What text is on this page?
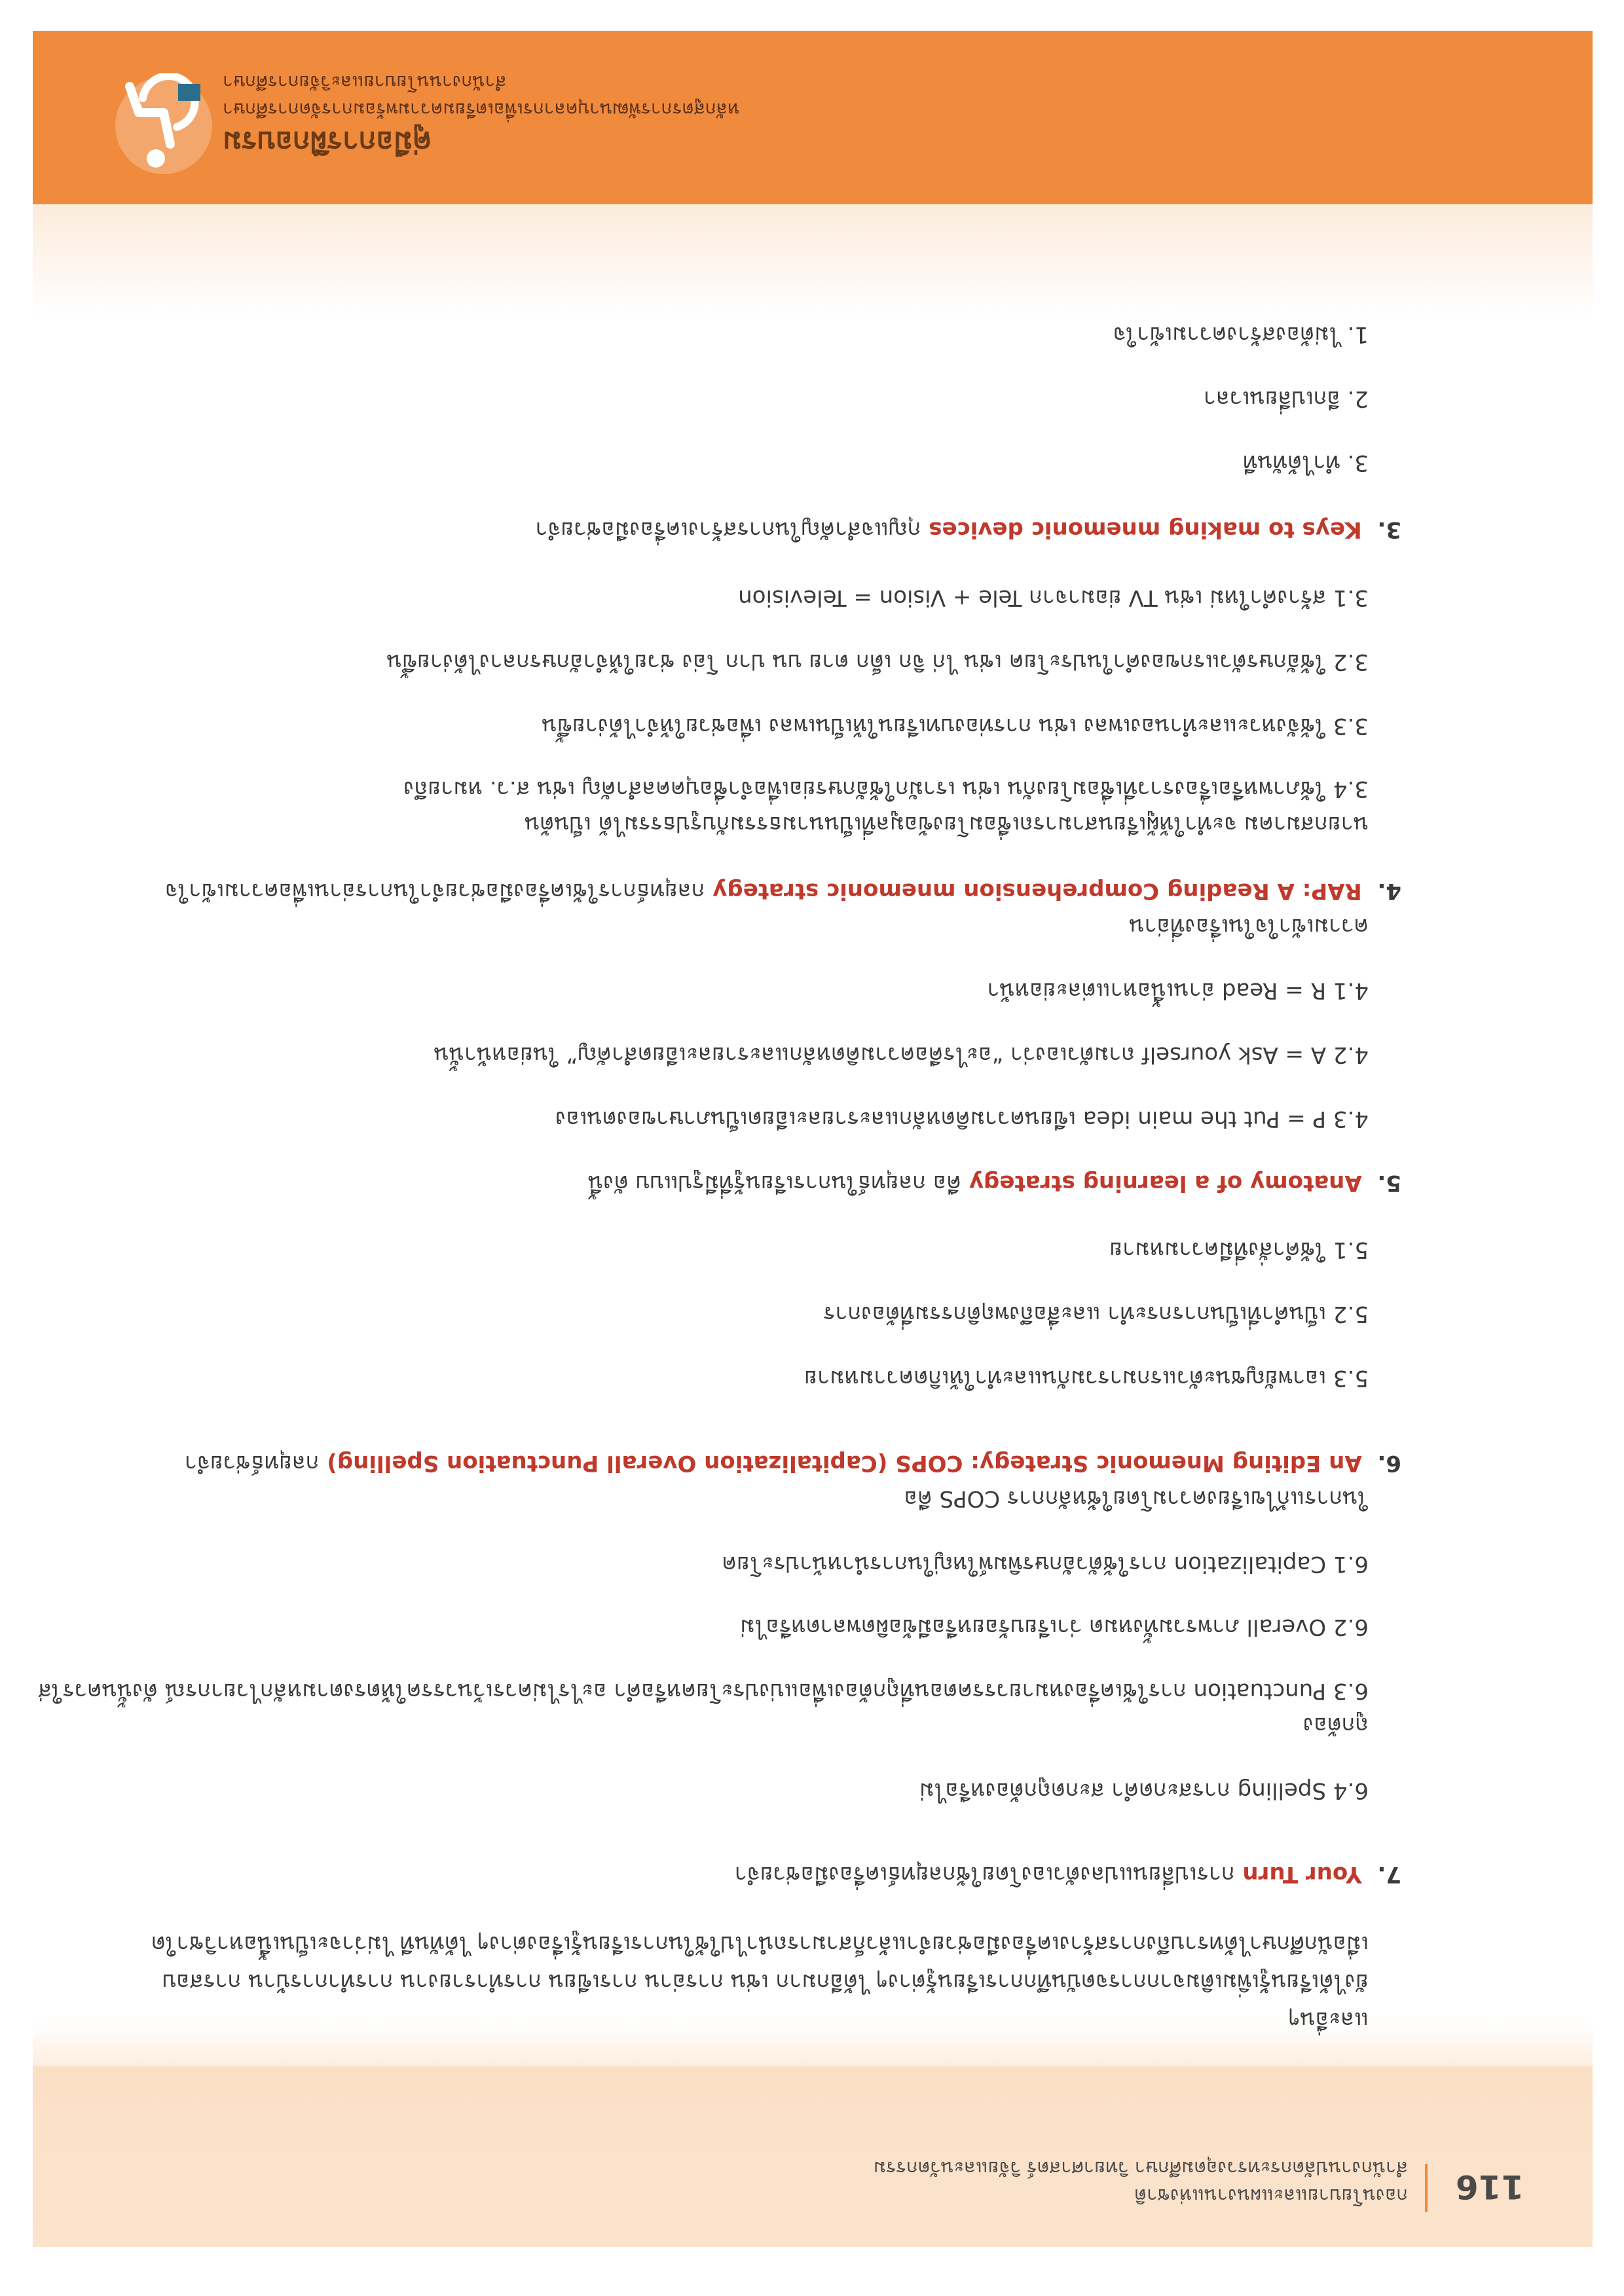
116
กองนโยบายและแผนงานแห่งชาติ
สำนักงานปลัดกระทรวงอุดมศึกษา วิทยาศาสตร์ วิจัยและนวัตกรรม
และอื่นๆ
ยังได้เรียนรู้เพิ่มเติมจากการจดบันทึกการเรียนรู้ต่างๆ ได้อีกมาก เช่น การอ่าน การเขียน การทำรายงาน การทำการบ้าน การสอบ
เมื่อนักศึกษาได้ทราบถึงการสร้างเครื่องมือช่วยจำแล้วก็สามารถนำไปใช้ในการเรียนรู้เรื่องต่างๆ ได้ทันที ไม่ว่าจะเป็นเนื้อหาวิชาใด
7.  Your Turn การเปลี่ยนแปลงตัวเองโดยใช้กลยุทธ์เครื่องมือช่วยจำ
6.4 Spelling การสะกดคำ สะกดถูกต้องหรือไม่
ถูกต้อง
6.3 Punctuation การใช้เครื่องหมายวรรคตอนที่ถูกต้องเพื่อแบ่งประโยคหรือคำ อะไรไม่ควรเว้นวรรคให้ตรงตามหลักไวยากรณ์ ดังนั้นควรใส่
6.2 Overall ภาพรวมทั้งหมด ว่าเรียบร้อยหรือมีข้อผิดพลาดหรือไม่
6.1 Capitalization การใช้ตัวอักษรพิมพ์ใหญ่ในการนำหน้าประโยค
ในการแก้ไขเรียงความโดยใช้หลักการ COPS คือ
6.  An Editing Mnemonic Strategy: COPS (Capitalization Overall Punctuation Spelling) กลยุทธ์ช่วยจำ
5.3 เอาพยัญชนะตัวแรกมารวมกันและทำให้เกิดความหมาย
5.2 เป็นคำที่เป็นการกระทำ และสื่อถึงพฤติกรรมที่ต้องการ
5.1 ใช้คำสั่งที่มีความหมาย
5.  Anatomy of a learning strategy คือ กลยุทธ์ในการเรียนรู้ที่มีรูปแบบ ดังนี้
4.3 P = Put the main idea เขียนความคิดหลักและรายละเอียดเป็นภาษาของตนเอง
4.2 A = Ask yourself ถามตัวเองว่า “อะไรคือความคิดหลักและรายละเอียดสำคัญ” ในย่อหน้านั้น
4.1 R = Read อ่านเนื้อหาแต่ละย่อหน้า
ความเข้าใจในเรื่องที่อ่าน
4.  RAP: A Reading Comprehension mnemonic strategy กลยุทธ์การใช้เครื่องมือช่วยจำในการอ่านเพื่อความเข้าใจ
นายกสมาคม จะทำให้ผู้เรียนสามารถเชื่อมโยงข้อมูลที่เป็นนามธรรมกับรูปธรรมได้ เป็นต้น
3.4 ใช้ภาพหรือเรื่องราวที่เชื่อมโยงกัน เช่น เรามักใช้อักษรย่อเพื่อจำชื่อบุคคลสำคัญ เช่น ส.ว. หมายถึง
3.3 ใช้จังหวะและทำนองเพลง เช่น การท่องบทเรียนให้เป็นเพลง เพื่อช่วยให้จำได้ง่ายขึ้น
3.2 ใช้อักษรตัวแรกของคำในประโยค เช่น ไก่ จิก เด็ก ตาย บน ปาก โอ่ง ช่วยให้จำอักษรกลางได้ง่ายขึ้น
3.1 สร้างคำใหม่ เช่น TV ย่อมาจาก Tele + Vision = Television
3.  Keys to making mnemonic devices กุญแจสำคัญในการสร้างเครื่องมือช่วยจำ
3. ทำได้ทันที
2. อีกเปลี่ยนเวลา
1. ไม่ต้องสร้างความเข้าใจ
คู่มือการฝึกอบรม
หลักสูตรการพัฒนาบุคลากรเพื่อเตรียมความพร้อมการจัดการศึกษา
สำนักงานนโยบายและวิจัยการศึกษา
